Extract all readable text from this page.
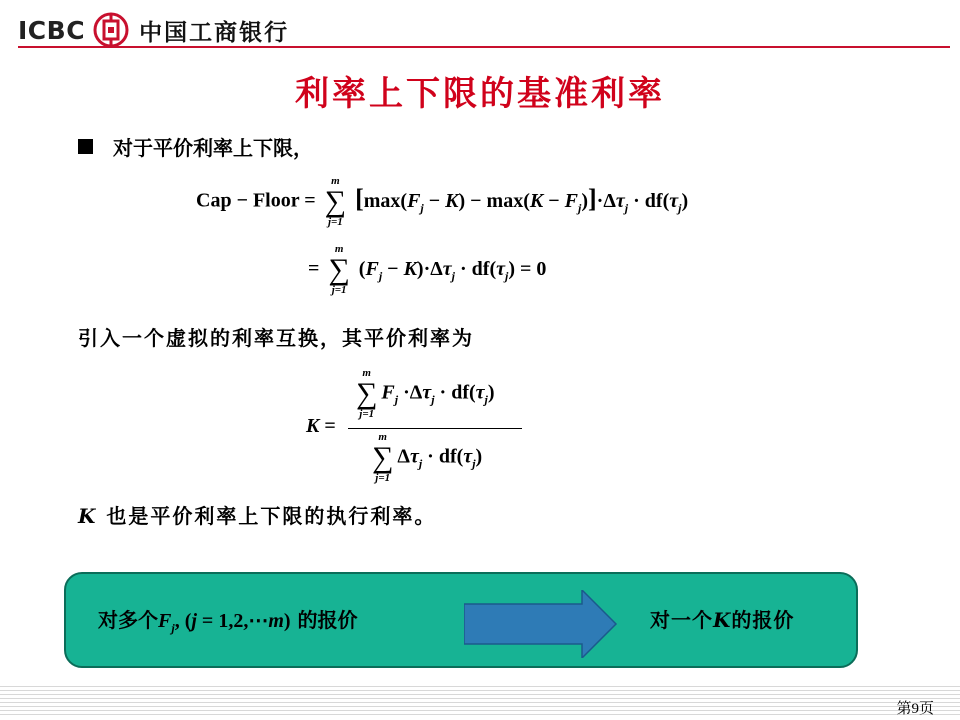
ICBC 中国工商银行
利率上下限的基准利率
对于平价利率上下限，
Cap − Floor =
m
∑
j=1
$[\max(F_j - K) - \max(K - F_j)]\cdot\Delta\tau_j \cdot df(\tau_j)$
=
m
∑
j=1
$(F_j - K)\cdot\Delta\tau_j \cdot df(\tau_j) = 0$
引入一个虚拟的利率互换，其平价利率为
K =
m
∑
j=1
$F_j \cdot\Delta\tau_j \cdot df(\tau_j)$
m
∑
j=1
$\Delta\tau_j \cdot df(\tau_j)$
K 也是平价利率上下限的执行利率。
对多个$F_j$, (j = 1,2,⋯m) 的报价	对一个K的报价
第9页
